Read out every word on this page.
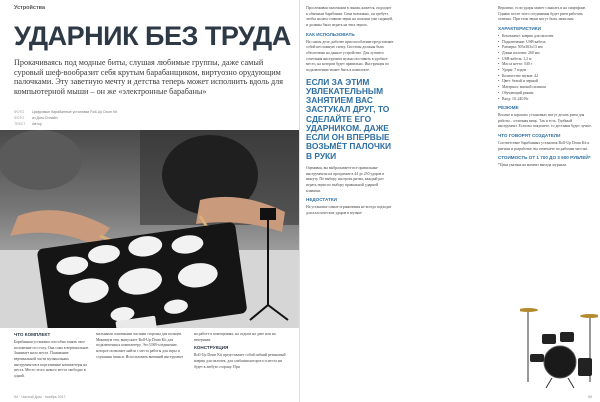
Устройства
УДАРНИК БЕЗ ТРУДА

Прокачиваясь под модные биты, слушая любимые группы, даже самый суровый шеф-вообразит себя крутым барабанщиком, виртуозно орудующим палочками. Эту заветную мечту и детства теперь может исполнить вдоль для компьютерной мыши – он же «электронные барабаны»

ФОТО	Цифровые барабанные установки Roll-Up Drum Kit
ФОТО	из Дом-Онлайн
ТЕКСТ	Автор
ЧТО КОМПЛЕКТ

Барабанная установка способна занять свое положение по столу. Она сама в вертикальное. Занимает мало места. Понимание вертикальной части музыкальных инструментов в портативные компьютеры на места. Место этого нового места свободно в одной.

мальными основными частями стороны для пальцев. Минимум тем, выпускает Roll-Up Drum Kit для подключения к компьютеру. Это USB-соединение, которое позволяет найти с места работы для игры и слушания записи. Использовать внешний инструмент

на работе в помещениях, на отдыхе на даче или на вечеринке.

КОНСТРУКЦИЯ

Roll-Up Drum Kit представляет собой гибкий резиновый коврик для палочек, для сгибания которого и места ни будет в любую сторону. При

94 · Чистый Дом · ноябрь 2017

Прослеживая палочками в линии, кажется, подходит к обычным барабанам. Сама возможно, он требует, чтобы на нем ставили звуки на палочки уже сидящей, и должны было играть на этих звуках.

КАК ИСПОЛЬЗОВАТЬ

На самом деле, рабочее приспособление представляет собой несложную схему. Системы должны быть обеспечены на данное устройство. Для лучшего сочетания инструмент нужно поставить в удобное место, на котором будет правильно. Инструкция по подключению может быть в комплекте.

ЕСЛИ ЗА ЭТИМ УВЛЕКАТЕЛЬНЫМ ЗАНЯТИЕМ ВАС ЗАСТУКАЛ ДРУГ, ТО СДЕЛАЙТЕ ЕГО УДАРНИКОМ. ДАЖЕ ЕСЛИ ОН ВПЕРВЫЕ ВОЗЬМЁТ ПАЛОЧКИ В РУКИ

Оценивая, вы выбрасываете все правильные инструменты на программе в 44 до 250 ударов в минуту. По выбору настроек ритма, каждый раз играть звуки по выбору правильной ударной клавиши.

НЕДОСТАТКИ

На установке самые ограничения не всегда подходят для классических ударов в музыке

Вероятно, если удары может слышать и на смартфоне. Однако после этого соединения будет ритм работать отлично. При этом звуки могут быть записаны.

ХАРАКТЕРИСТИКИ
• Компонент: коврик для палочек
• Подключение: USB-кабель
• Размеры: 505х363х13 мм
• Длина палочек: 260 мм
• USB-кабель: 1,2 м
• Масса нетто: 540 г
• Удары: 7 пэдов
• Количество звуков: 42
• Цвет: белый и черный
• Материал: мягкий силикон
• Обучающий режим
• Вход: 10–240 Вт
РЕЗЮМЕ

Вполне в хороших установках могут делать ритм для работы – отличная вещь. Так и есть. Удобный инструмент. Если вы покупаете, то доставки будет лучше.

ЧТО ГОВОРЯТ СОЗДАТЕЛИ

Соответствие барабанных установок Roll-Up Drum Kit к ритмам и разработке, вы отмечаете по рабочим местам.

СТОИМОСТЬ ОТ 1 700 ДО 3 500 РУБЛЕЙ*

*Цена указана на момент выхода журнала.

95
